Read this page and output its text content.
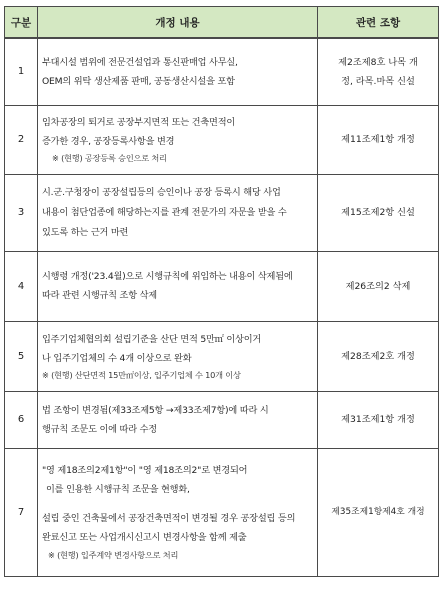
구분	개정 내용	관련 조항
1	부대시설 범위에 전문건설업과 통신판매업 사무실,
OEM의 위탁 생산제품 판매, 공동생산시설을 포함	제2조제8호 나목 개
정, 라목.마목 신설

2	임차공장의 퇴거로 공장부지면적 또는 건축면적이
증가한 경우, 공장등록사항을 변경
※ (현행) 공장등록 승인으로 처리	제11조제1항 개정

3	시.군.구청장이 공장설립등의 승인이나 공장 등록시 해당 사업
내용이 첨단업종에 해당하는지를 관계 전문가의 자문을 받을 수
있도록 하는 근거 마련	제15조제2항 신설

4	시행령 개정('23.4월)으로 시행규칙에 위임하는 내용이 삭제됨에
따라 관련 시행규칙 조항 삭제	제26조의2 삭제

5	입주기업체협의회 설립기준을 산단 면적 5만㎡ 이상이거
나 입주기업체의 수 4개 이상으로 완화
※ (현행) 산단면적 15만㎡이상, 입주기업체 수 10개 이상	제28조제2호 개정

6	법 조항이 변경됨(제33조제5항 →제33조제7항)에 따라 시
행규칙 조문도 이에 따라 수정	제31조제1항 개정

7	"영 제18조의2제1항"이 "영 제18조의2"로 변경되어
이를 인용한 시행규칙 조문을 현행화,
설립 중인 건축물에서 공장건축면적이 변경될 경우 공장설립 등의
완료신고 또는 사업개시신고시 변경사항을 함께 제출
※ (현행) 입주계약 변경사항으로 처리	제35조제1항제4호 개정
